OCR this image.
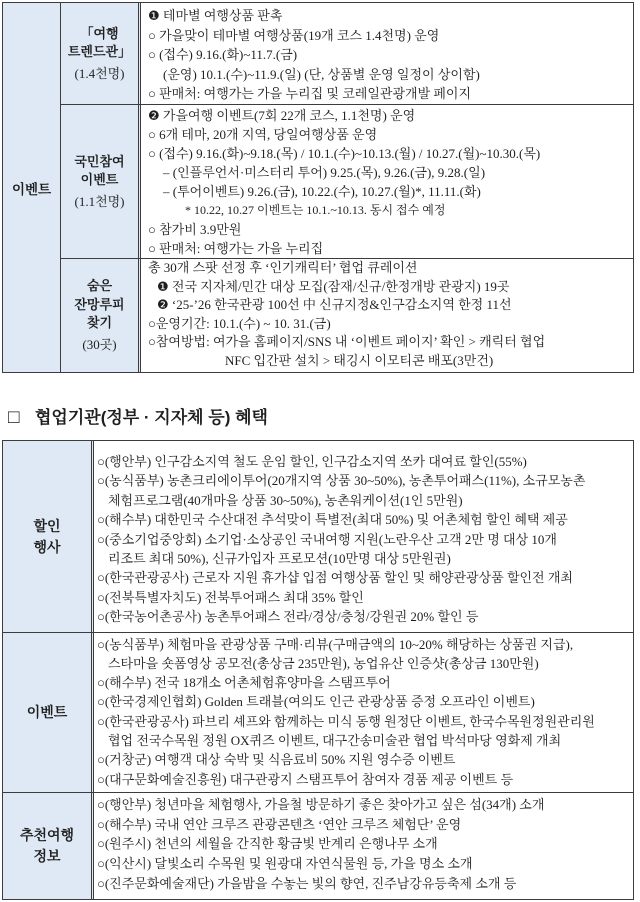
이벤트
「여행
트렌드관」
(1.4천명)
❶ 테마별 여행상품 판촉
○ 가을맞이 테마별 여행상품(19개 코스 1.4천명) 운영
○ (접수) 9.16.(화)~11.7.(금)
(운영) 10.1.(수)~11.9.(일) (단, 상품별 운영 일정이 상이함)
○ 판매처: 여행가는 가을 누리집 및 코레일관광개발 페이지
국민참여
이벤트
(1.1천명)
❷ 가을여행 이벤트(7회 22개 코스, 1.1천명) 운영
○ 6개 테마, 20개 지역, 당일여행상품 운영
○ (접수) 9.16.(화)~9.18.(목) / 10.1.(수)~10.13.(월) / 10.27.(월)~10.30.(목)
– (인플루언서·미스터리 투어) 9.25.(목), 9.26.(금), 9.28.(일)
– (투어이벤트) 9.26.(금), 10.22.(수), 10.27.(월)*, 11.11.(화)
* 10.22, 10.27 이벤트는 10.1.~10.13. 동시 접수 예정
○ 참가비 3.9만원
○ 판매처: 여행가는 가을 누리집
숨은
잔망루피
찾기
(30곳)
총 30개 스팟 선정 후 ‘인기캐릭터’ 협업 큐레이션
❶ 전국 지자체/민간 대상 모집(잠재/신규/한정개방 관광지) 19곳
❷ ‘25-’26 한국관광 100선 中 신규지정&인구감소지역 한정 11선
○운영기간: 10.1.(수) ~ 10. 31.(금)
○참여방법: 여가을 홈페이지/SNS 내 ‘이벤트 페이지’ 확인 > 캐릭터 협업
NFC 입간판 설치 > 태깅시 이모티콘 배포(3만건)
□ 협업기관(정부 · 지자체 등) 혜택
할인
행사
○(행안부) 인구감소지역 철도 운임 할인, 인구감소지역 쏘카 대여료 할인(55%)
○(농식품부) 농촌크리에이투어(20개지역 상품 30~50%), 농촌투어패스(11%), 소규모농촌
체험프로그램(40개마을 상품 30~50%), 농촌워케이션(1인 5만원)
○(해수부) 대한민국 수산대전 추석맞이 특별전(최대 50%) 및 어촌체험 할인 혜택 제공
○(중소기업중앙회) 소기업·소상공인 국내여행 지원(노란우산 고객 2만 명 대상 10개
리조트 최대 50%), 신규가입자 프로모션(10만명 대상 5만원권)
○(한국관광공사) 근로자 지원 휴가샵 입점 여행상품 할인 및 해양관광상품 할인전 개최
○(전북특별자치도) 전북투어패스 최대 35% 할인
○(한국농어촌공사) 농촌투어패스 전라/경상/충청/강원권 20% 할인 등
이벤트
○(농식품부) 체험마을 관광상품 구매·리뷰(구매금액의 10~20% 해당하는 상품권 지급),
스타마을 숏폼영상 공모전(총상금 235만원), 농업유산 인증샷(총상금 130만원)
○(해수부) 전국 18개소 어촌체험휴양마을 스탬프투어
○(한국경제인협회) Golden 트래블(여의도 인근 관광상품 증정 오프라인 이벤트)
○(한국관광공사) 파브리 셰프와 함께하는 미식 동행 원정단 이벤트, 한국수목원정원관리원
협업 전국수목원 정원 OX퀴즈 이벤트, 대구간송미술관 협업 박석마당 영화제 개최
○(거창군) 여행객 대상 숙박 및 식음료비 50% 지원 영수증 이벤트
○(대구문화예술진흥원) 대구관광지 스탬프투어 참여자 경품 제공 이벤트 등
추천여행
정보
○(행안부) 청년마을 체험행사, 가을철 방문하기 좋은 찾아가고 싶은 섬(34개) 소개
○(해수부) 국내 연안 크루즈 관광콘텐츠 ‘연안 크루즈 체험단’ 운영
○(원주시) 천년의 세월을 간직한 황금빛 반계리 은행나무 소개
○(익산시) 달빛소리 수목원 및 원광대 자연식물원 등, 가을 명소 소개
○(진주문화예술재단) 가을밤을 수놓는 빛의 향연, 진주남강유등축제 소개 등
